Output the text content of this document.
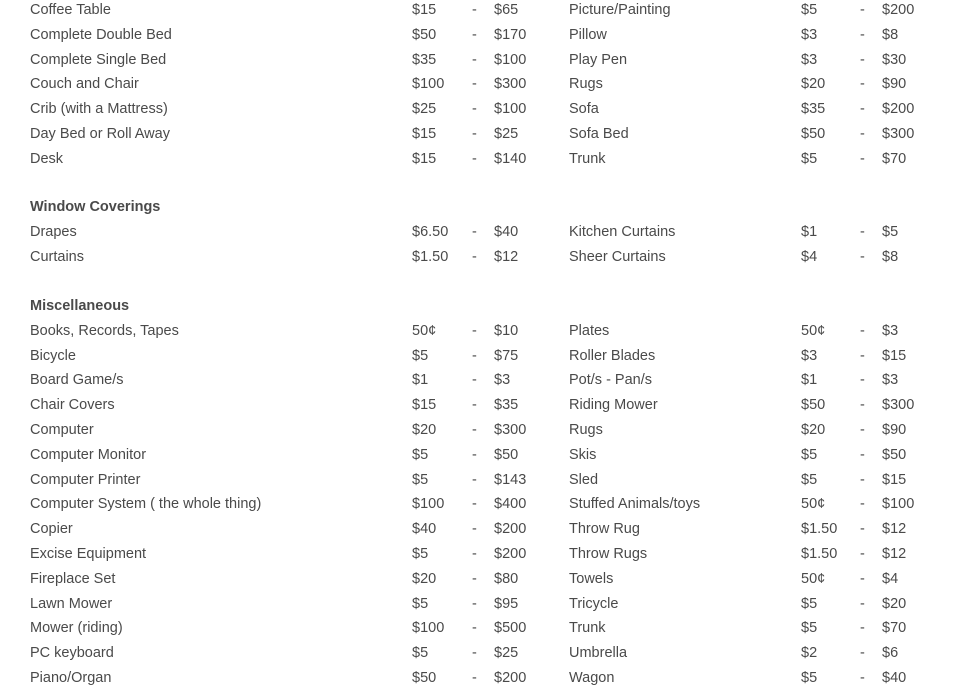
Coffee Table	$15 - $65	Picture/Painting	$5	- $200
Complete Double Bed	$50 - $170	Pillow	$3	- $8
Complete Single Bed	$35 - $100	Play Pen	$3	- $30
Couch and Chair	$100 - $300	Rugs	$20 - $90
Crib (with a Mattress)	$25 - $100	Sofa	$35 - $200
Day Bed or Roll Away	$15 - $25	Sofa Bed	$50 - $300
Desk	$15 - $140	Trunk	$5	- $70
Window Coverings
Drapes	$6.50 - $40	Kitchen Curtains	$1	- $5
Curtains	$1.50 - $12	Sheer Curtains	$4	- $8
Miscellaneous
Books, Records, Tapes	50¢ - $10	Plates	50¢ - $3
Bicycle	$5	- $75	Roller Blades	$3	- $15
Board Game/s	$1	- $3	Pot/s - Pan/s	$1	- $3
Chair Covers	$15 - $35	Riding Mower	$50 - $300
Computer	$20 - $300	Rugs	$20 - $90
Computer Monitor	$5	- $50	Skis	$5	- $50
Computer Printer	$5	- $143	Sled	$5	- $15
Computer System ( the whole thing)	$100 - $400	Stuffed Animals/toys	50¢ - $100
Copier	$40 - $200	Throw Rug	$1.50 - $12
Excise Equipment	$5	- $200	Throw Rugs	$1.50 - $12
Fireplace Set	$20 - $80	Towels	50¢ - $4
Lawn Mower	$5	- $95	Tricycle	$5	- $20
Mower (riding)	$100 - $500	Trunk	$5	- $70
PC keyboard	$5	- $25	Umbrella	$2	- $6
Piano/Organ	$50 - $200	Wagon	$5	- $40
